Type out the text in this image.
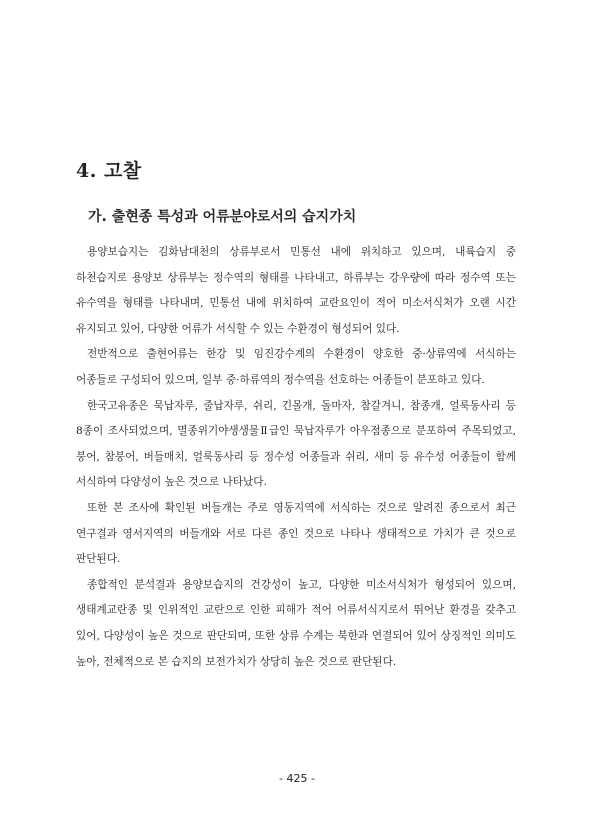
4. 고찰
가. 출현종 특성과 어류분야로서의 습지가치

용양보습지는 김화남대천의 상류부로서 민통선 내에 위치하고 있으며, 내륙습지 중 하천습지로 용양보 상류부는 정수역의 형태를 나타내고, 하류부는 강우량에 따라 정수역 또는 유수역을 형태를 나타내며, 민통선 내에 위치하여 교란요인이 적어 미소서식처가 오랜 시간 유지되고 있어, 다양한 어류가 서식할 수 있는 수환경이 형성되어 있다.

전반적으로 출현어류는 한강 및 임진강수계의 수환경이 양호한 중·상류역에 서식하는 어종들로 구성되어 있으며, 일부 중·하류역의 정수역을 선호하는 어종들이 분포하고 있다.

한국고유종은 묵납자루, 줄납자루, 쉬리, 긴몰개, 돌마자, 참갈겨니, 참종개, 얼룩동사리 등 8종이 조사되었으며, 멸종위기야생생물Ⅱ급인 묵납자루가 아우점종으로 분포하여 주목되었고, 붕어, 참붕어, 버들매치, 얼룩동사리 등 정수성 어종들과 쉬리, 새미 등 유수성 어종들이 함께 서식하여 다양성이 높은 것으로 나타났다.

또한 본 조사에 확인된 버들개는 주로 영동지역에 서식하는 것으로 알려진 종으로서 최근 연구결과 영서지역의 버들개와 서로 다른 종인 것으로 나타나 생태적으로 가치가 큰 것으로 판단된다.

종합적인 분석결과 용양보습지의 건강성이 높고, 다양한 미소서식처가 형성되어 있으며, 생태계교란종 및 인위적인 교란으로 인한 피해가 적어 어류서식지로서 뛰어난 환경을 갖추고 있어, 다양성이 높은 것으로 판단되며, 또한 상류 수계는 북한과 연결되어 있어 상징적인 의미도 높아, 전체적으로 본 습지의 보전가치가 상당히 높은 것으로 판단된다.

- 425 -
